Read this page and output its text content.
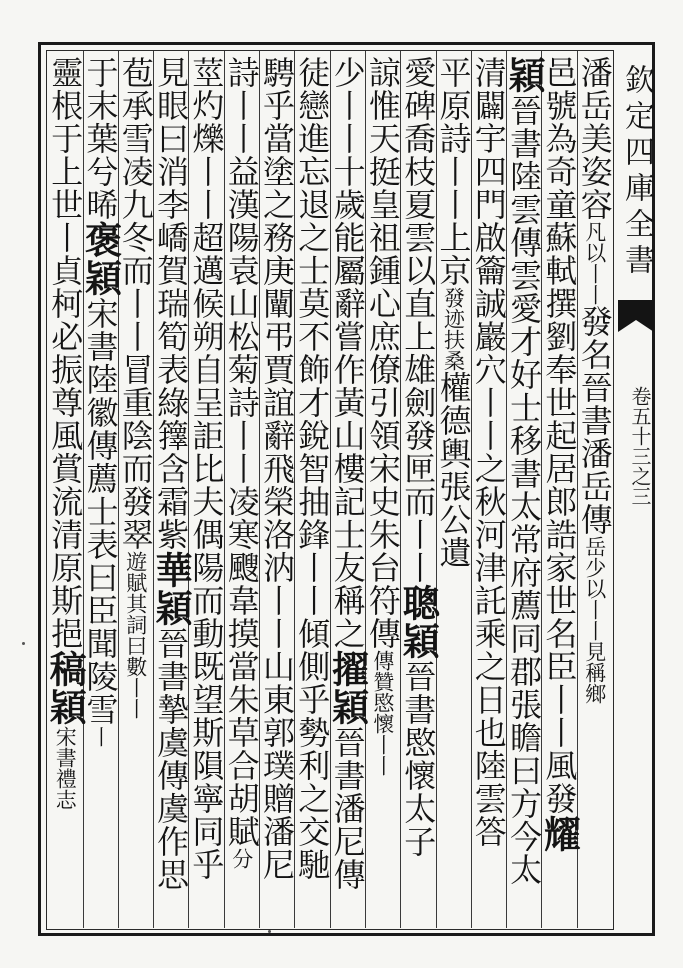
欽定四庫全書
卷五十三之三
潘岳美姿容凡以丨丨發名晉書潘岳傳岳少以丨丨見稱鄉
邑號為奇童蘇軾撰劉奉世起居郎誥家世名臣丨丨風發耀
穎晉書陸雲傳雲愛才好士移書太常府薦同郡張瞻曰方今太
清闢宇四門啟籥誠巖穴丨丨之秋河津託乘之日也陸雲答
平原詩丨丨上京發迹扶桑權德輿張公遺
愛碑喬枝夏雲以直上雄劍發匣而丨丨聰穎晉書愍懷太子
諒惟天挺皇祖鍾心庶僚引領宋史朱台符傳傳贊愍懷丨丨
少丨丨十歲能屬辭嘗作黃山樓記士友稱之擢穎晉書潘尼傳
徒戀進忘退之士莫不飾才銳智抽鋒丨丨傾側乎勢利之交馳
騁乎當塗之務庚闡弔賈誼辭飛榮洛汭丨丨山東郭璞贈潘尼
詩丨丨益漢陽袁山松菊詩丨丨凌寒颼韋摸當朱草合胡賦分
莖灼爍丨丨超邁候朔自呈詎比夫偶陽而動既望斯隕寧同乎
見眼曰消李嶠賀瑞筍表綠籜含霜紫華穎晉書摯虞傳虞作思
苞承雪凌九冬而丨丨冒重陰而發翠遊賦其詞曰數丨丨
于末葉兮晞褒穎宋書陸徽傳薦士表曰臣聞陵雪丨
靈根于上世丨貞柯必振尊風賞流清原斯挹稿穎宋書禮志
